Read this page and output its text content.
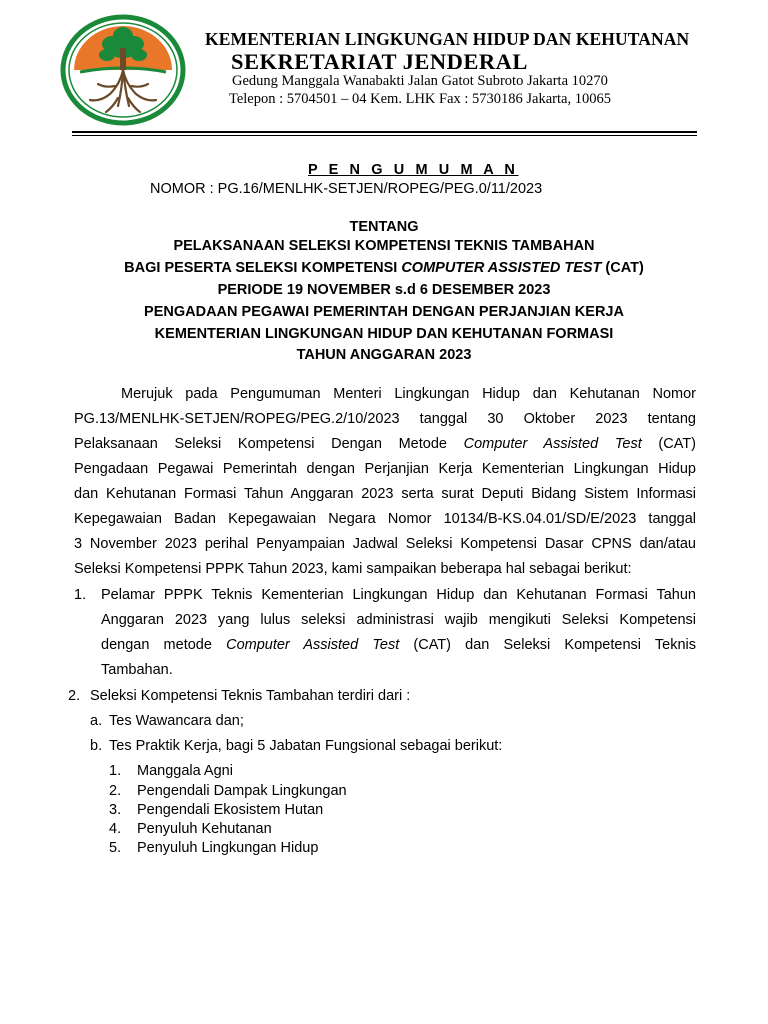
KEMENTERIAN LINGKUNGAN HIDUP DAN KEHUTANAN
SEKRETARIAT JENDERAL
Gedung Manggala Wanabakti Jalan Gatot Subroto Jakarta 10270
Telepon : 5704501 – 04 Kem. LHK Fax : 5730186 Jakarta, 10065
P E N G U M U M A N
NOMOR : PG.16/MENLHK-SETJEN/ROPEG/PEG.0/11/2023
TENTANG
PELAKSANAAN SELEKSI KOMPETENSI TEKNIS TAMBAHAN
BAGI PESERTA SELEKSI KOMPETENSI COMPUTER ASSISTED TEST (CAT)
PERIODE 19 NOVEMBER s.d 6 DESEMBER 2023
PENGADAAN PEGAWAI PEMERINTAH DENGAN PERJANJIAN KERJA
KEMENTERIAN LINGKUNGAN HIDUP DAN KEHUTANAN FORMASI
TAHUN ANGGARAN 2023
Merujuk pada Pengumuman Menteri Lingkungan Hidup dan Kehutanan Nomor
PG.13/MENLHK-SETJEN/ROPEG/PEG.2/10/2023 tanggal 30 Oktober 2023 tentang
Pelaksanaan Seleksi Kompetensi Dengan Metode Computer Assisted Test (CAT)
Pengadaan Pegawai Pemerintah dengan Perjanjian Kerja Kementerian Lingkungan Hidup
dan Kehutanan Formasi Tahun Anggaran 2023 serta surat Deputi Bidang Sistem Informasi
Kepegawaian Badan Kepegawaian Negara Nomor 10134/B-KS.04.01/SD/E/2023 tanggal
3 November 2023 perihal Penyampaian Jadwal Seleksi Kompetensi Dasar CPNS dan/atau
Seleksi Kompetensi PPPK Tahun 2023, kami sampaikan beberapa hal sebagai berikut:
1. Pelamar PPPK Teknis Kementerian Lingkungan Hidup dan Kehutanan Formasi Tahun
Anggaran 2023 yang lulus seleksi administrasi wajib mengikuti Seleksi Kompetensi
dengan metode Computer Assisted Test (CAT) dan Seleksi Kompetensi Teknis
Tambahan.
2. Seleksi Kompetensi Teknis Tambahan terdiri dari :
a. Tes Wawancara dan;
b. Tes Praktik Kerja, bagi 5 Jabatan Fungsional sebagai berikut:
1. Manggala Agni
2. Pengendali Dampak Lingkungan
3. Pengendali Ekosistem Hutan
4. Penyuluh Kehutanan
5. Penyuluh Lingkungan Hidup
